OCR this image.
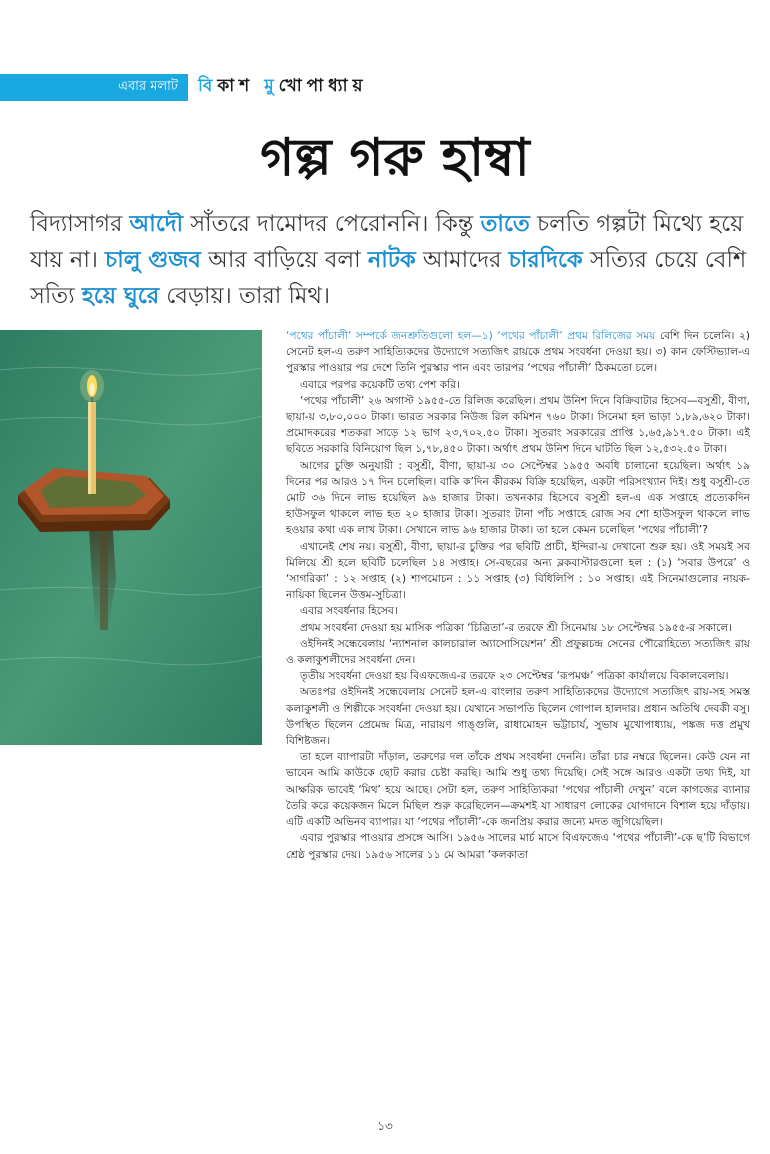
এবার মলাট বি কা শ মু খো পা ধ্যা য়
গল্প গরু হাম্বা
বিদ্যাসাগর আদৌ সাঁতরে দামোদর পেরোননি। কিন্তু তাতে চলতি গল্পটা মিথ্যে হয়ে যায় না। চালু গুজব আর বাড়িয়ে বলা নাটক আমাদের চারদিকে সত্যির চেয়ে বেশি সত্যি হয়ে ঘুরে বেড়ায়। তারা মিথ।

‘পথের পাঁচালী’ সম্পর্কে জনশ্রুতিগুলো হল—১) ‘পথের পাঁচালী’ প্রথম রিলিজের সময় বেশি দিন চলেনি। ২) সেনেট হল-এ তরুণ সাহিত্যিকদের উদ্যোগে সত্যজিৎ রায়কে প্রথম সংবর্ধনা দেওয়া হয়। ৩) কান ফেস্টিভ্যাল-এ পুরস্কার পাওয়ার পর দেশে তিনি পুরস্কার পান এবং তারপর ‘পথের পাঁচালী’ ঠিকমতো চলে।

এবারে পরপর কয়েকটি তথ্য পেশ করি।

‘পথের পাঁচালী’ ২৬ অগাস্ট ১৯৫৫-তে রিলিজ করেছিল। প্রথম উনিশ দিনে বিক্রিবাটার হিসেব—বসুশ্রী, বীণা, ছায়া-য় ৩,৮০,০০০ টাকা। ভারত সরকার নিউজ রিল কমিশন ৭৬০ টাকা। সিনেমা হল ভাড়া ১,৮৯,৬২০ টাকা। প্রমোদকরের শতকরা সাড়ে ১২ ভাগ ২৩,৭০২.৫০ টাকা। সুতরাং সরকারের প্রাপ্তি ১,৬৫,৯১৭.৫০ টাকা। এই ছবিতে সরকারি বিনিয়োগ ছিল ১,৭৮,৪৫০ টাকা। অর্থাৎ প্রথম উনিশ দিনে ঘাটতি ছিল ১২,৫৩২.৫০ টাকা।

আগের চুক্তি অনুযায়ী : বসুশ্রী, বীণা, ছায়া-য় ৩০ সেপ্টেম্বর ১৯৫৫ অবধি চালানো হয়েছিল। অর্থাৎ ১৯ দিনের পর আরও ১৭ দিন চলেছিল। বাকি ক’দিন কীরকম বিক্রি হয়েছিল, একটা পরিসংখ্যান দিই। শুধু বসুশ্রী-তে মোট ৩৬ দিনে লাভ হয়েছিল ৯৬ হাজার টাকা। তখনকার হিসেবে বসুশ্রী হল-এ এক সপ্তাহে প্রত্যেকদিন হাউসফুল থাকলে লাভ হত ২০ হাজার টাকা। সুতরাং টানা পাঁচ সপ্তাহে রোজ সব শো হাউসফুল থাকলে লাভ হওয়ার কথা এক লাখ টাকা। সেখানে লাভ ৯৬ হাজার টাকা। তা হলে কেমন চলেছিল ‘পথের পাঁচালী’?

এখানেই শেষ নয়। বসুশ্রী, বীণা, ছায়া-র চুক্তির পর ছবিটি প্রাচী, ইন্দিরা-য় দেখানো শুরু হয়। ওই সময়ই সব মিলিয়ে শ্রী হলে ছবিটি চলেছিল ১৪ সপ্তাহ। সে-বছরের অন্য ব্লকবাস্টারগুলো হল : (১) ‘সবার উপরে’ ও ‘সাগরিকা’ : ১২ সপ্তাহ (২) শাপমোচন : ১১ সপ্তাহ (৩) বিধিলিপি : ১০ সপ্তাহ। এই সিনেমাগুলোর নায়ক-নায়িকা ছিলেন উত্তম-সুচিত্রা।

এবার সংবর্ধনার হিসেব।

প্রথম সংবর্ধনা দেওয়া হয় মাসিক পত্রিকা ‘চিত্রিতা’-র তরফে শ্রী সিনেমায় ১৮ সেপ্টেম্বর ১৯৫৫-র সকালে।

ওইদিনই সন্ধেবেলায় ‘ন্যাশনাল কালচারাল অ্যাসোসিয়েশন’ শ্রী প্রফুল্লচন্দ্র সেনের পৌরোহিত্যে সত্যজিৎ রায় ও কলাকুশলীদের সংবর্ধনা দেন।

তৃতীয় সংবর্ধনা দেওয়া হয় বিএফজেএ-র তরফে ২৩ সেপ্টেম্বর ‘রূপমঞ্চ’ পত্রিকা কার্যালয়ে বিকালবেলায়।

অতঃপর ওইদিনই সন্ধেবেলায় সেনেট হল-এ বাংলার তরুণ সাহিত্যিকদের উদ্যোগে সত্যজিৎ রায়-সহ সমস্ত কলাকুশলী ও শিল্পীকে সংবর্ধনা দেওয়া হয়। যেখানে সভাপতি ছিলেন গোপাল হালদার। প্রধান অতিথি দেবকী বসু। উপস্থিত ছিলেন প্রেমেন্দ্র মিত্র, নারায়ণ গাঙ্গুলি, রাধামোহন ভট্টাচার্য, সুভাষ মুখোপাধ্যায়, পঙ্কজ দত্ত প্রমুখ বিশিষ্টজন।

তা হলে ব্যাপারটা দাঁড়াল, তরুণের দল তাঁকে প্রথম সংবর্ধনা দেননি। তাঁরা চার নম্বরে ছিলেন। কেউ যেন না ভাবেন আমি কাউকে ছোট করার চেষ্টা করছি। আমি শুধু তথ্য দিয়েছি। সেই সঙ্গে আরও একটা তথ্য দিই, যা আক্ষরিক ভাবেই ‘মিথ’ হয়ে আছে। সেটা হল, তরুণ সাহিত্যিকরা ‘পথের পাঁচালী দেখুন’ বলে কাগজের ব্যানার তৈরি করে কয়েকজন মিলে মিছিল শুরু করেছিলেন—ক্রমশই যা সাধারণ লোকের যোগদানে বিশাল হয়ে দাঁড়ায়। এটি একটি অভিনব ব্যাপার। যা ‘পথের পাঁচালী’-কে জনপ্রিয় করার জন্যে মদত জুগিয়েছিল।

এবার পুরস্কার পাওয়ার প্রসঙ্গে আসি। ১৯৫৬ সালের মার্চ মাসে বিএফজেএ ‘পথের পাঁচালী’-কে ছ’টি বিভাগে শ্রেষ্ঠ পুরস্কার দেয়। ১৯৫৬ সালের ১১ মে আমরা ‘কলকাতা

১৩
